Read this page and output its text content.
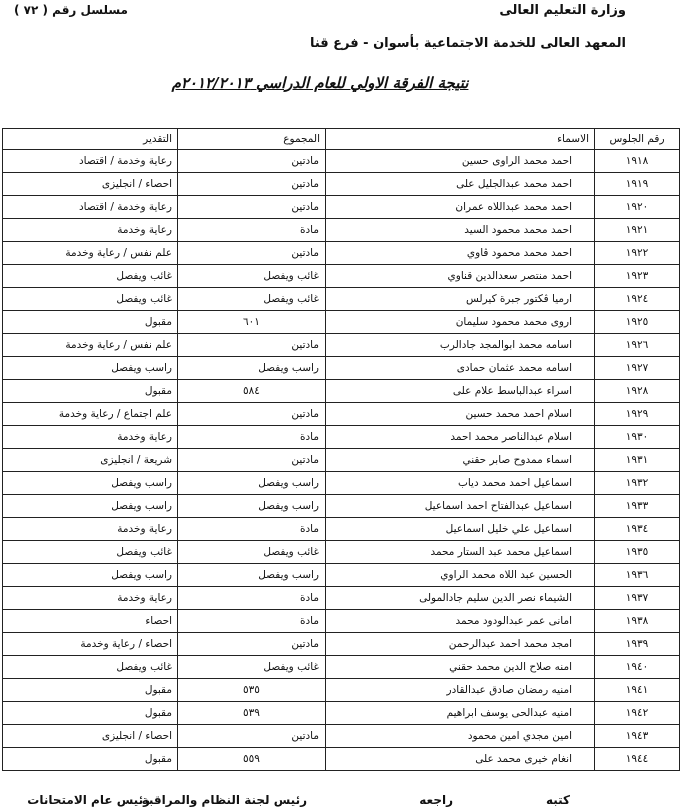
وزارة التعليم العالى
مسلسل رقم ( ٧٢ )
المعهد العالى للخدمة الاجتماعية بأسوان - فرع قنا
نتيجة الفرقة الاولي للعام الدراسي ٢٠١٢/٢٠١٣م
رقم الجلوس	الاسماء	المجموع	التقدير
١٩١٨	احمد محمد الراوى حسين	مادتين	رعاية وخدمة / اقتصاد
١٩١٩	احمد محمد عبدالجليل على	مادتين	احصاء / انجليزى
١٩٢٠	احمد محمد عبداللاه عمران	مادتين	رعاية وخدمة / اقتصاد
١٩٢١	احمد محمد محمود السيد	مادة	رعاية وخدمة
١٩٢٢	احمد محمد محمود ڤاوي	مادتين	علم نفس / رعاية وخدمة
١٩٢٣	احمد منتصر سعدالدين قناوي	غائب ويفصل	غائب ويفصل
١٩٢٤	ارميا ڤكتور جبرة كيرلس	غائب ويفصل	غائب ويفصل
١٩٢٥	اروى محمد محمود سليمان	٦٠١	مقبول
١٩٢٦	اسامه محمد ابوالمجد جادالرب	مادتين	علم نفس / رعاية وخدمة
١٩٢٧	اسامه محمد عثمان حمادى	راسب ويفصل	راسب ويفصل
١٩٢٨	اسراء عبدالباسط علام على	٥٨٤	مقبول
١٩٢٩	اسلام احمد محمد حسين	مادتين	علم اجتماع / رعاية وخدمة
١٩٣٠	اسلام عبدالناصر محمد احمد	مادة	رعاية وخدمة
١٩٣١	اسماء ممدوح صابر حقني	مادتين	شريعة / انجليزى
١٩٣٢	اسماعيل احمد محمد دياب	راسب ويفصل	راسب ويفصل
١٩٣٣	اسماعيل عبدالفتاح احمد اسماعيل	راسب ويفصل	راسب ويفصل
١٩٣٤	اسماعيل علي خليل اسماعيل	مادة	رعاية وخدمة
١٩٣٥	اسماعيل محمد عبد الستار محمد	غائب ويفصل	غائب ويفصل
١٩٣٦	الحسين عبد اللاه محمد الراوي	راسب ويفصل	راسب ويفصل
١٩٣٧	الشيماء نصر الدين سليم جادالمولى	مادة	رعاية وخدمة
١٩٣٨	امانى عمر عبدالودود محمد	مادة	احصاء
١٩٣٩	امجد محمد احمد عبدالرحمن	مادتين	احصاء / رعاية وخدمة
١٩٤٠	امنه صلاح الدين محمد حقني	غائب ويفصل	غائب ويفصل
١٩٤١	امنيه رمضان صادق عبدالقادر	٥٣٥	مقبول
١٩٤٢	امنيه عبدالحى يوسف ابراهيم	٥٣٩	مقبول
١٩٤٣	امين مجدي امين محمود	مادتين	احصاء / انجليزى
١٩٤٤	انغام خيرى محمد على	٥٥٩	مقبول
كتبه
راجعه
رئيس لجنة النظام والمراقبة
رئيس عام الامتحانات
